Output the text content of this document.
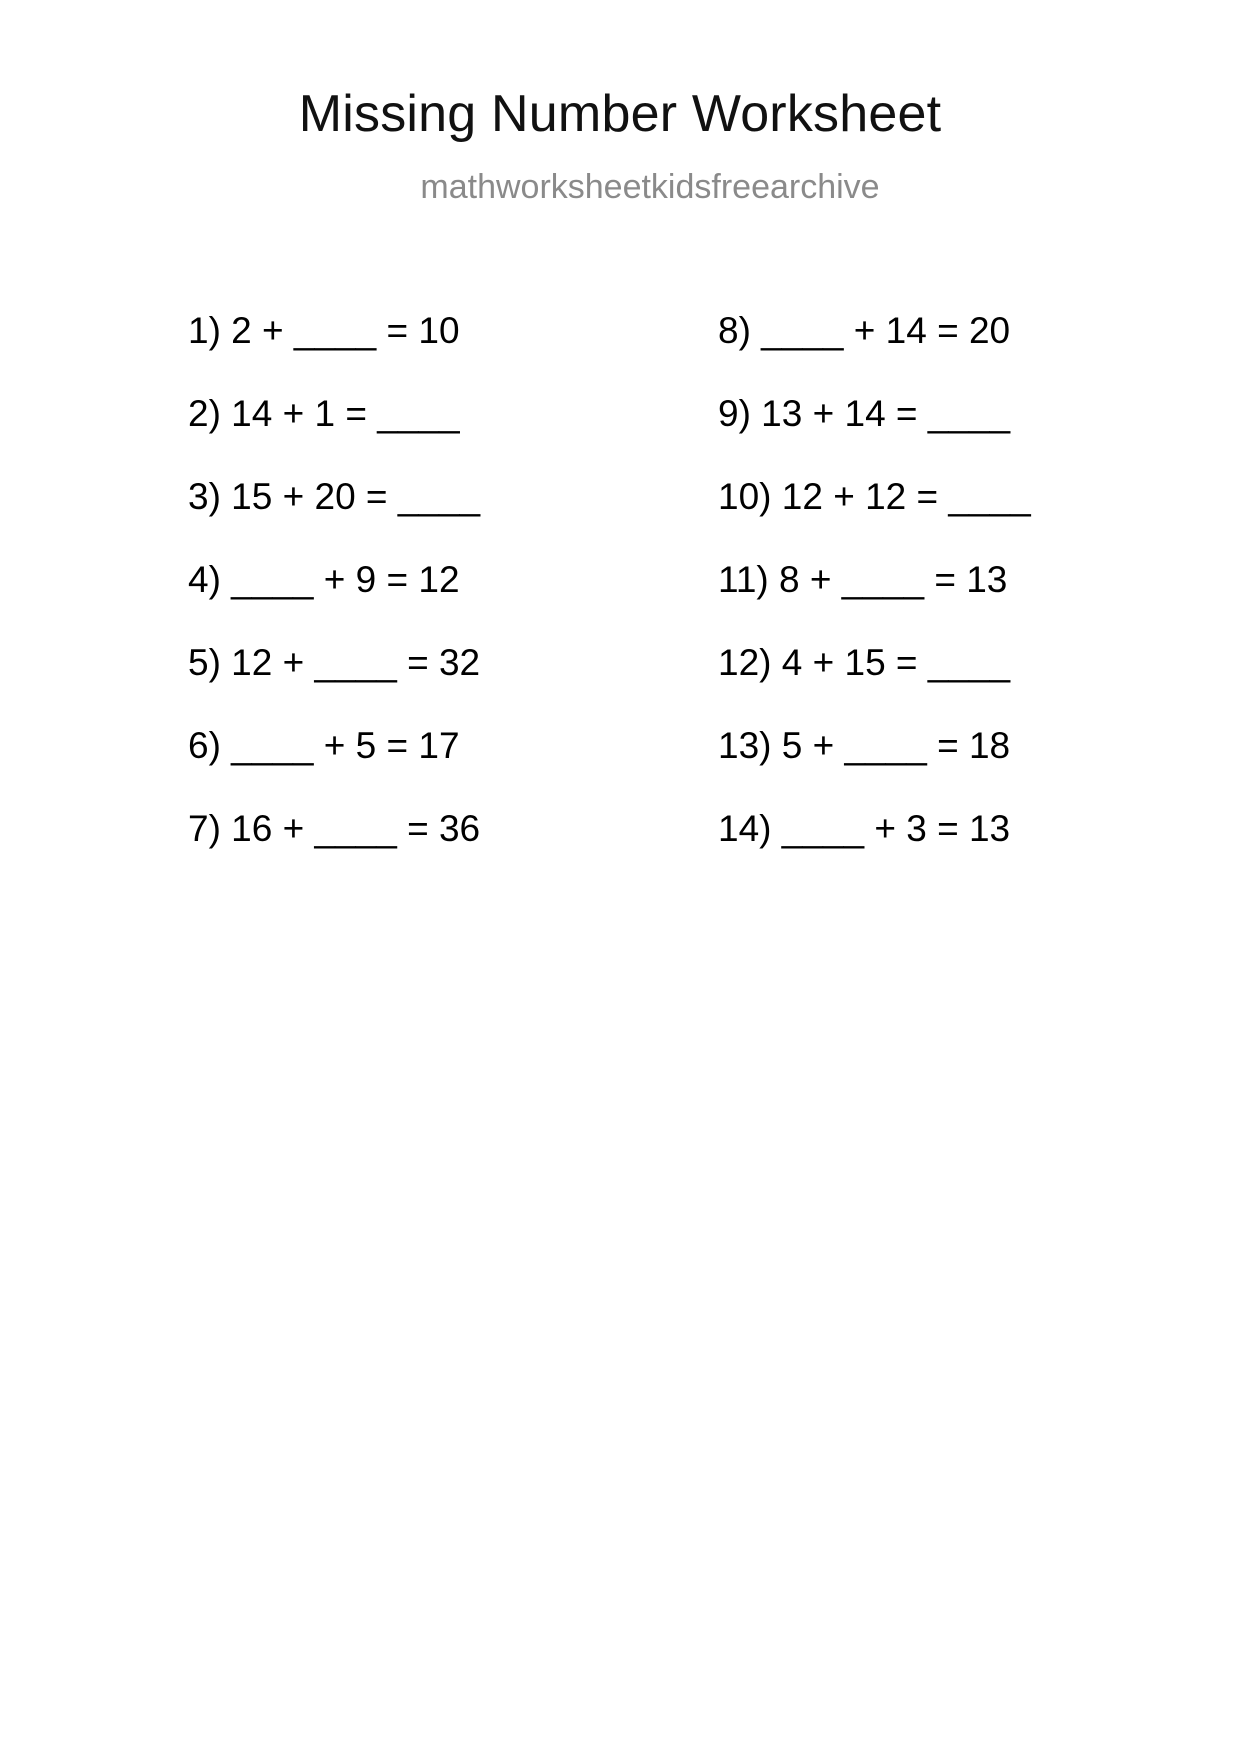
Missing Number Worksheet
mathworksheetkidsfreearchive
1) 2 + ____ = 10
2) 14 + 1 = ____
3) 15 + 20 = ____
4) ____ + 9 = 12
5) 12 + ____ = 32
6) ____ + 5 = 17
7) 16 + ____ = 36
8) ____ + 14 = 20
9) 13 + 14 = ____
10) 12 + 12 = ____
11) 8 + ____ = 13
12) 4 + 15 = ____
13) 5 + ____ = 18
14) ____ + 3 = 13
